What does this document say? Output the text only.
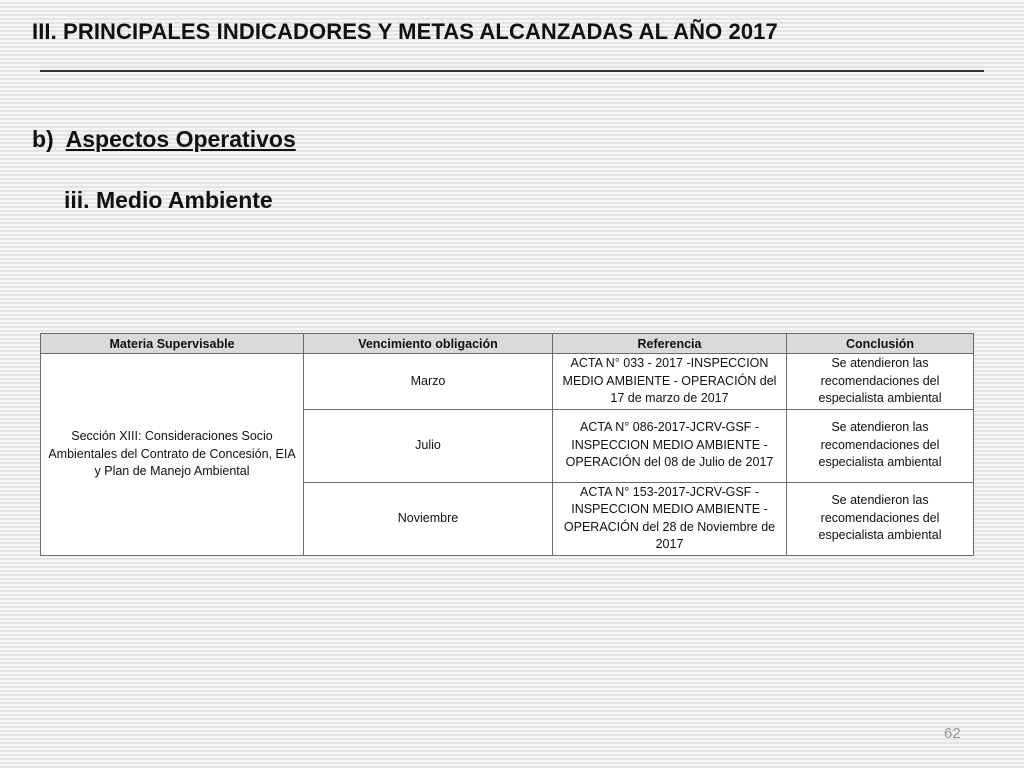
III. PRINCIPALES INDICADORES Y METAS ALCANZADAS AL AÑO 2017
b) Aspectos Operativos
iii. Medio Ambiente
Materia Supervisable	Vencimiento obligación	Referencia	Conclusión
Sección XIII: Consideraciones Socio Ambientales del Contrato de Concesión, EIA y Plan de Manejo Ambiental	Marzo	ACTA N° 033 - 2017 -INSPECCION MEDIO AMBIENTE - OPERACIÓN del 17 de marzo de 2017	Se atendieron las recomendaciones del especialista ambiental
	Julio	ACTA N° 086-2017-JCRV-GSF - INSPECCION MEDIO AMBIENTE - OPERACIÓN del 08 de Julio de 2017	Se atendieron las recomendaciones del especialista ambiental
	Noviembre	ACTA N° 153-2017-JCRV-GSF - INSPECCION MEDIO AMBIENTE - OPERACIÓN del 28 de Noviembre de 2017	Se atendieron las recomendaciones del especialista ambiental
62
